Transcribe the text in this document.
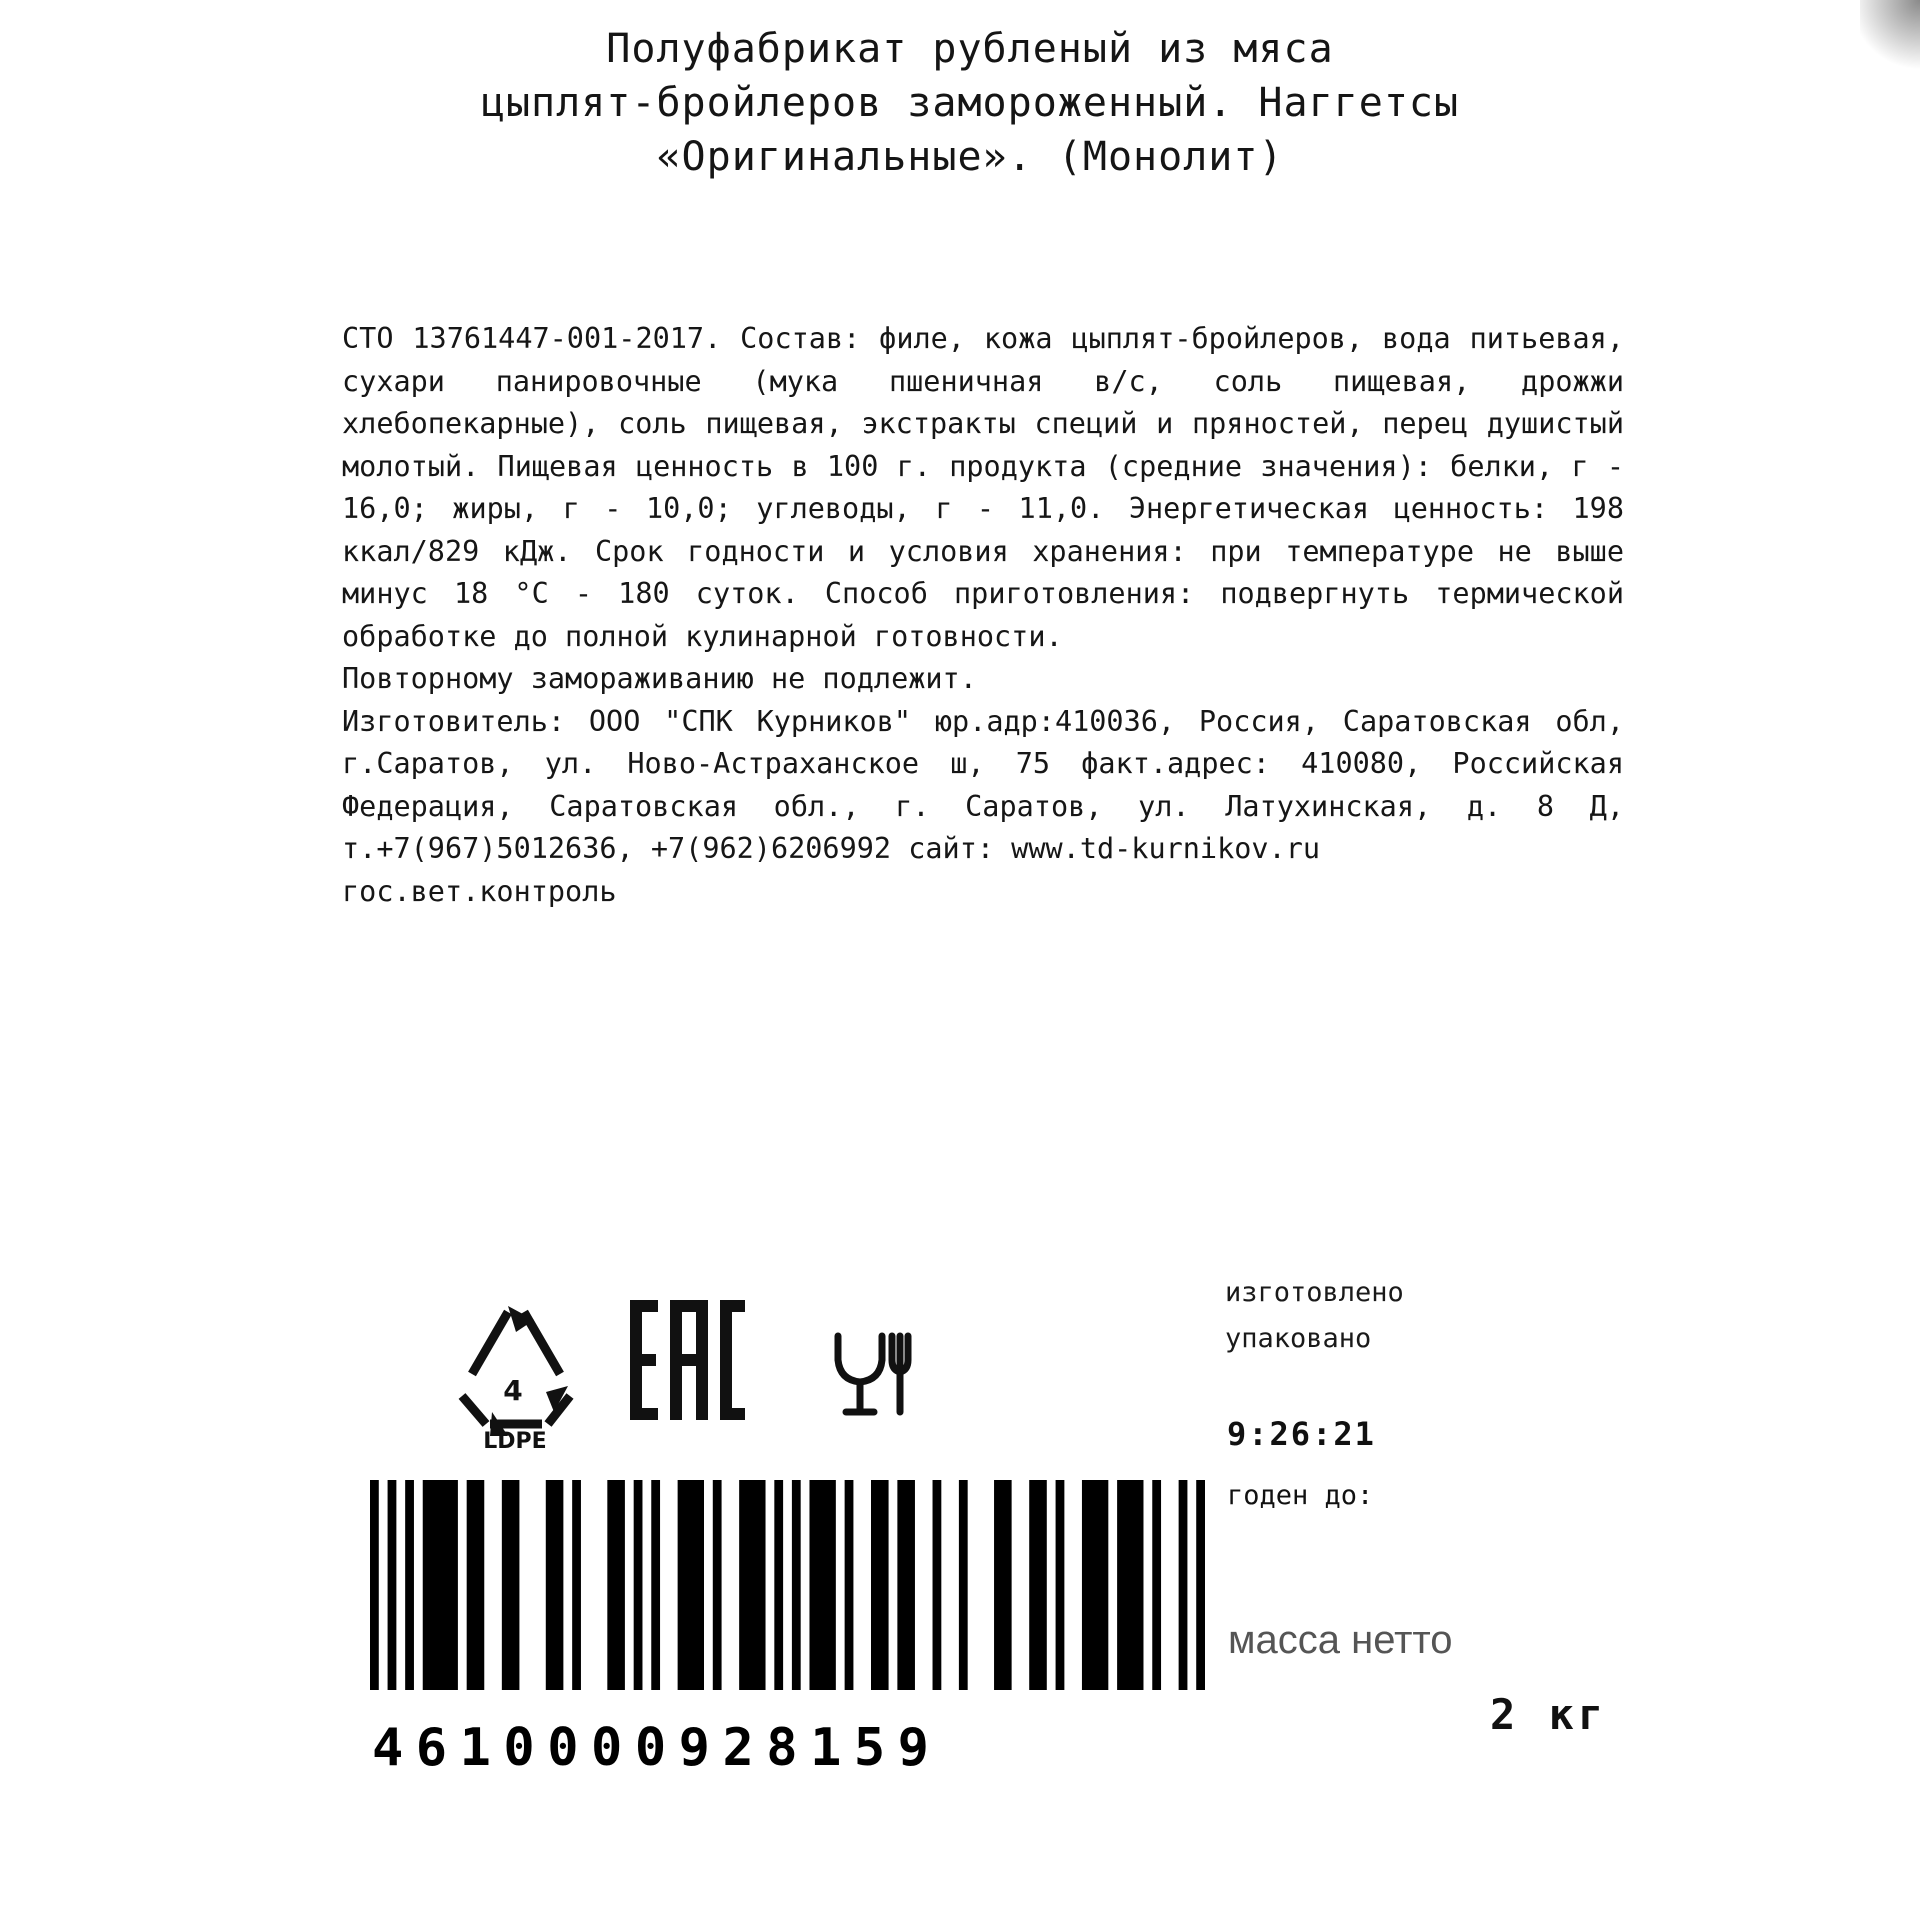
Полуфабрикат рубленый из мяса
цыплят-бройлеров замороженный. Наггетсы
«Оригинальные». (Монолит)

СТО 13761447-001-2017. Состав: филе, кожа цыплят-бройлеров, вода питьевая, сухари панировочные (мука пшеничная в/с, соль пищевая, дрожжи хлебопекарные), соль пищевая, экстракты специй и пряностей, перец душистый молотый. Пищевая ценность в 100 г. продукта (средние значения): белки, г - 16,0; жиры, г - 10,0; углеводы, г - 11,0. Энергетическая ценность: 198 ккал/829 кДж. Срок годности и условия хранения: при температуре не выше минус 18 °С - 180 суток. Способ приготовления: подвергнуть термической обработке до полной кулинарной готовности.

Повторному замораживанию не подлежит.

Изготовитель: ООО "СПК Курников" юр.адр:410036, Россия, Саратовская обл, г.Саратов, ул. Ново-Астраханское ш, 75 факт.адрес: 410080, Российская Федерация, Саратовская обл., г. Саратов, ул. Латухинская, д. 8 Д, т.+7(967)5012636, +7(962)6206992 сайт: www.td-kurnikov.ru

гос.вет.контроль

4
LDPE
изготовлено
упаковано
9:26:21
годен до:
масса нетто
2 кг
4610000928159
